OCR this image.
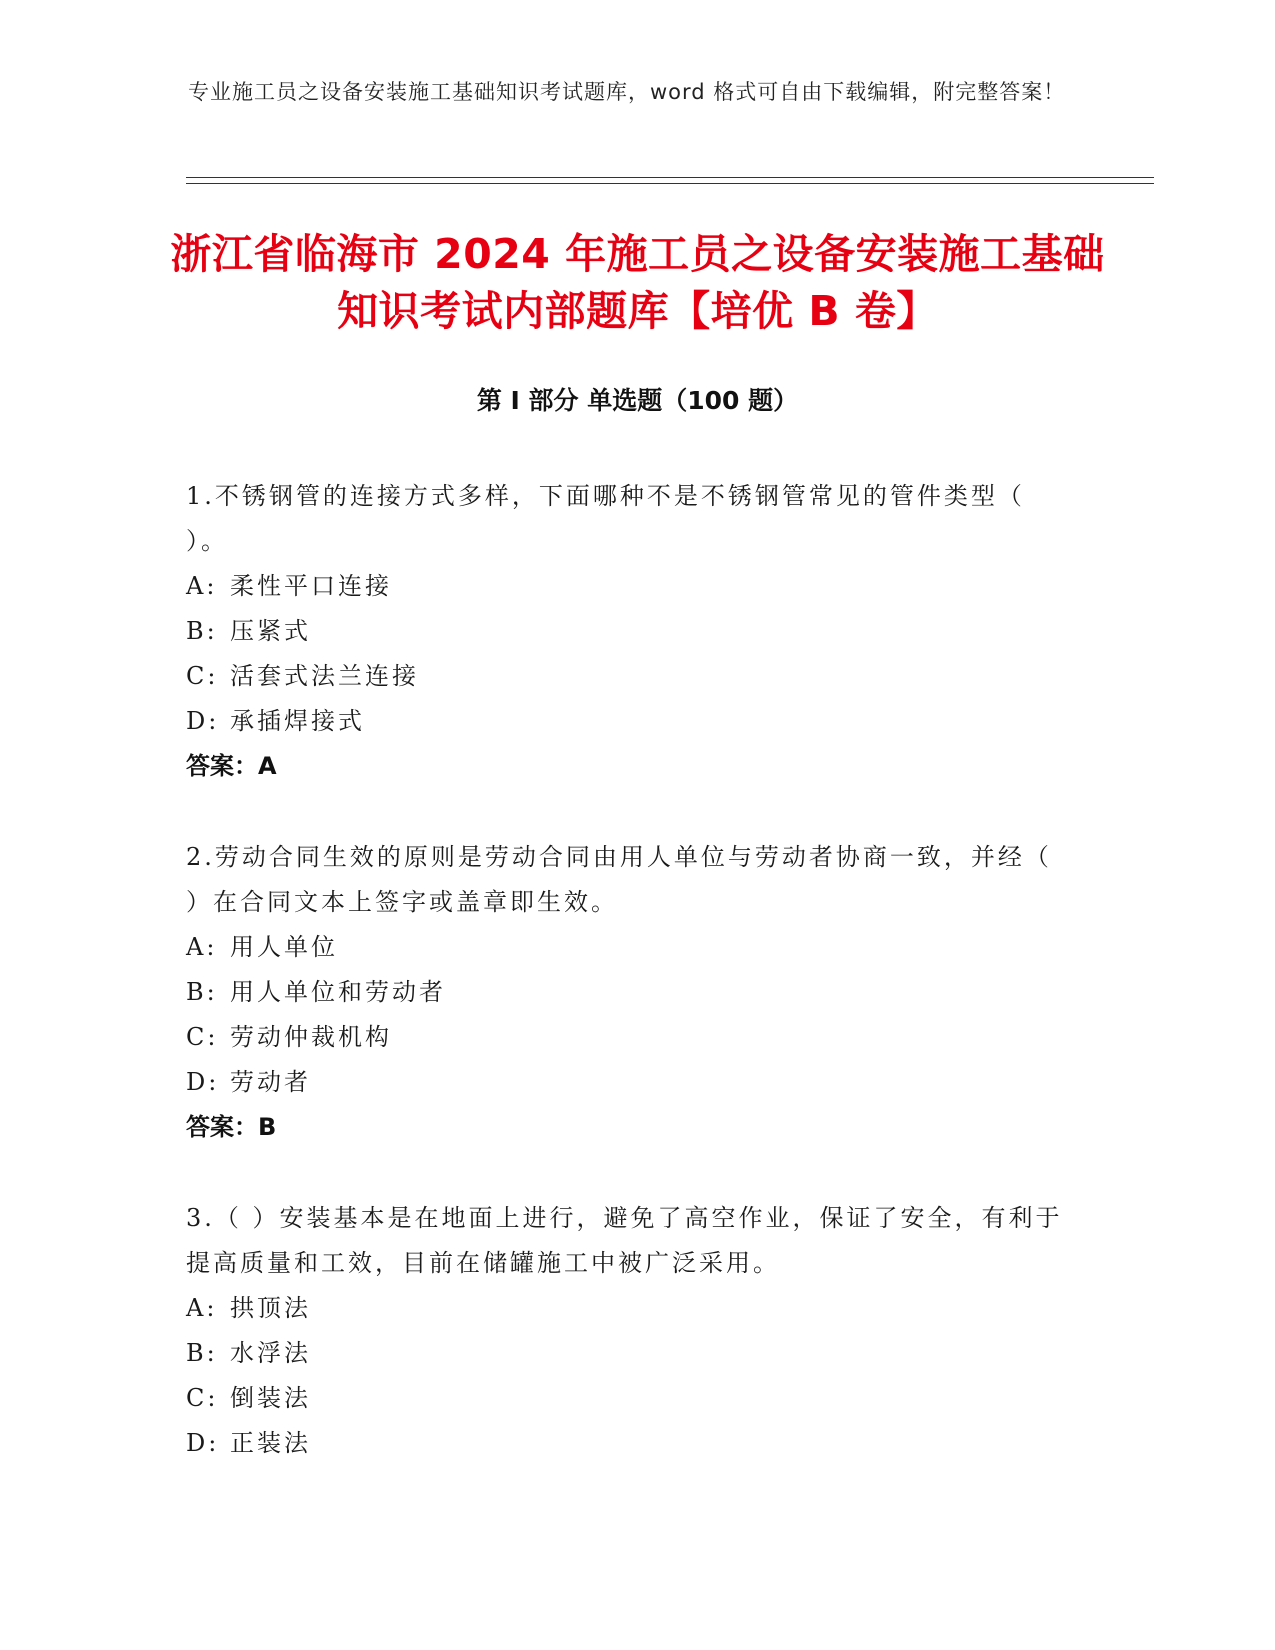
专业施工员之设备安装施工基础知识考试题库，word 格式可自由下载编辑，附完整答案！
浙江省临海市 2024 年施工员之设备安装施工基础知识考试内部题库【培优 B 卷】
第 I 部分 单选题（100 题）
1.不锈钢管的连接方式多样，下面哪种不是不锈钢管常见的管件类型（ ）。
A: 柔性平口连接
B: 压紧式
C: 活套式法兰连接
D: 承插焊接式
答案：A
2.劳动合同生效的原则是劳动合同由用人单位与劳动者协商一致，并经（ ）在合同文本上签字或盖章即生效。
A: 用人单位
B: 用人单位和劳动者
C: 劳动仲裁机构
D: 劳动者
答案：B
3.（ ）安装基本是在地面上进行，避免了高空作业，保证了安全，有利于提高质量和工效，目前在储罐施工中被广泛采用。
A: 拱顶法
B: 水浮法
C: 倒装法
D: 正装法
